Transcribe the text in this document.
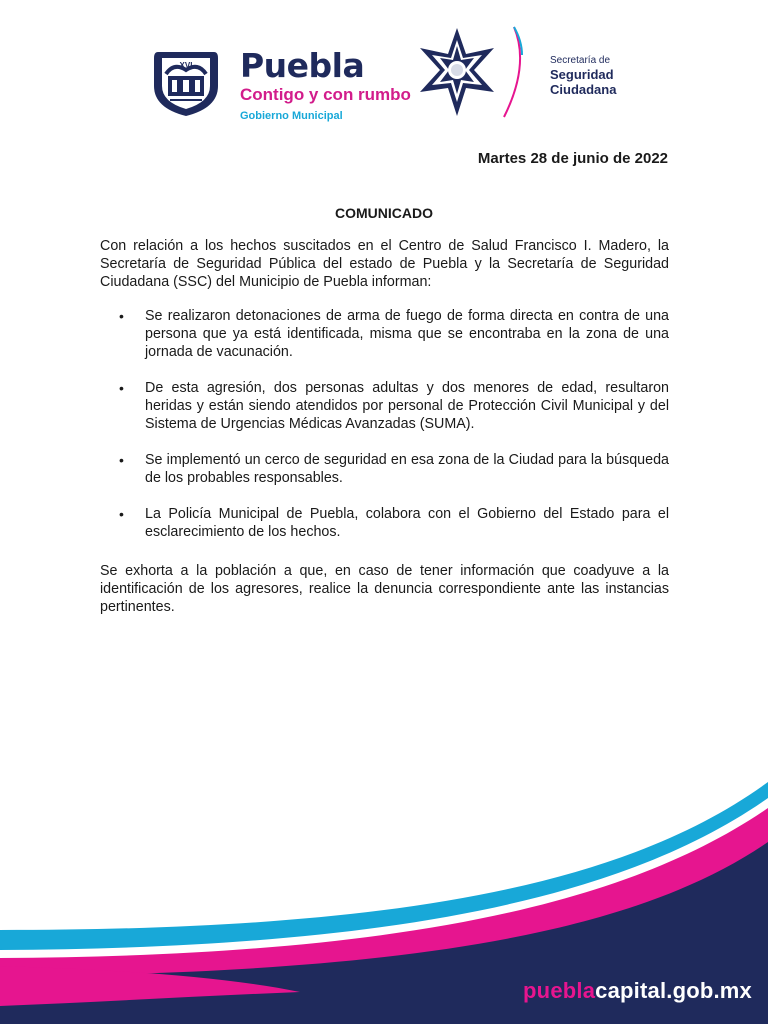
XVI Puebla
Contigo y con rumbo
Gobierno Municipal
Secretaría de
Seguridad
Ciudadana
Martes 28 de junio de 2022
COMUNICADO
Con relación a los hechos suscitados en el Centro de Salud Francisco I. Madero, la Secretaría de Seguridad Pública del estado de Puebla y la Secretaría de Seguridad Ciudadana (SSC) del Municipio de Puebla informan:
• Se realizaron detonaciones de arma de fuego de forma directa en contra de una persona que ya está identificada, misma que se encontraba en la zona de una jornada de vacunación.
• De esta agresión, dos personas adultas y dos menores de edad, resultaron heridas y están siendo atendidos por personal de Protección Civil Municipal y del Sistema de Urgencias Médicas Avanzadas (SUMA).
• Se implementó un cerco de seguridad en esa zona de la Ciudad para la búsqueda de los probables responsables.
• La Policía Municipal de Puebla, colabora con el Gobierno del Estado para el esclarecimiento de los hechos.
Se exhorta a la población a que, en caso de tener información que coadyuve a la identificación de los agresores, realice la denuncia correspondiente ante las instancias pertinentes.
pueblacapital.gob.mx
